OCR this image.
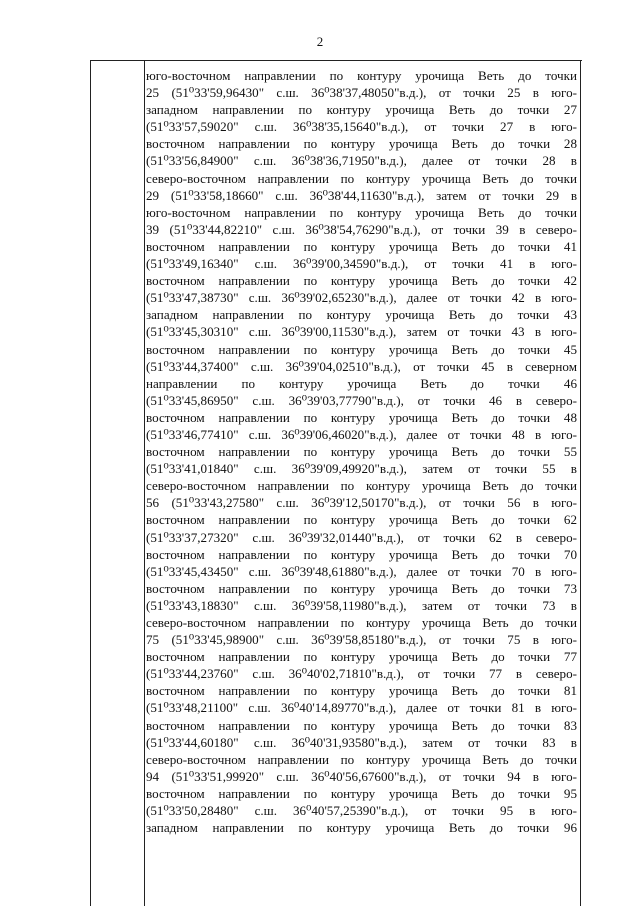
2
юго-восточном направлении по контуру урочища Веть до точки
25 (51⁰33'59,96430" с.ш. 36⁰38'37,48050"в.д.), от точки 25 в юго-
западном направлении по контуру урочища Веть до точки 27
(51⁰33'57,59020" с.ш. 36⁰38'35,15640"в.д.), от точки 27 в юго-
восточном направлении по контуру урочища Веть до точки 28
(51⁰33'56,84900" с.ш. 36⁰38'36,71950"в.д.), далее от точки 28 в
северо-восточном направлении по контуру урочища Веть до точки
29 (51⁰33'58,18660" с.ш. 36⁰38'44,11630"в.д.), затем от точки 29 в
юго-восточном направлении по контуру урочища Веть до точки
39 (51⁰33'44,82210" с.ш. 36⁰38'54,76290"в.д.), от точки 39 в северо-
восточном направлении по контуру урочища Веть до точки 41
(51⁰33'49,16340" с.ш. 36⁰39'00,34590"в.д.), от точки 41 в юго-
восточном направлении по контуру урочища Веть до точки 42
(51⁰33'47,38730" с.ш. 36⁰39'02,65230"в.д.), далее от точки 42 в юго-
западном направлении по контуру урочища Веть до точки 43
(51⁰33'45,30310" с.ш. 36⁰39'00,11530"в.д.), затем от точки 43 в юго-
восточном направлении по контуру урочища Веть до точки 45
(51⁰33'44,37400" с.ш. 36⁰39'04,02510"в.д.), от точки 45 в северном
направлении по контуру урочища Веть до точки 46
(51⁰33'45,86950" с.ш. 36⁰39'03,77790"в.д.), от точки 46 в северо-
восточном направлении по контуру урочища Веть до точки 48
(51⁰33'46,77410" с.ш. 36⁰39'06,46020"в.д.), далее от точки 48 в юго-
восточном направлении по контуру урочища Веть до точки 55
(51⁰33'41,01840" с.ш. 36⁰39'09,49920"в.д.), затем от точки 55 в
северо-восточном направлении по контуру урочища Веть до точки
56 (51⁰33'43,27580" с.ш. 36⁰39'12,50170"в.д.), от точки 56 в юго-
восточном направлении по контуру урочища Веть до точки 62
(51⁰33'37,27320" с.ш. 36⁰39'32,01440"в.д.), от точки 62 в северо-
восточном направлении по контуру урочища Веть до точки 70
(51⁰33'45,43450" с.ш. 36⁰39'48,61880"в.д.), далее от точки 70 в юго-
восточном направлении по контуру урочища Веть до точки 73
(51⁰33'43,18830" с.ш. 36⁰39'58,11980"в.д.), затем от точки 73 в
северо-восточном направлении по контуру урочища Веть до точки
75 (51⁰33'45,98900" с.ш. 36⁰39'58,85180"в.д.), от точки 75 в юго-
восточном направлении по контуру урочища Веть до точки 77
(51⁰33'44,23760" с.ш. 36⁰40'02,71810"в.д.), от точки 77 в северо-
восточном направлении по контуру урочища Веть до точки 81
(51⁰33'48,21100" с.ш. 36⁰40'14,89770"в.д.), далее от точки 81 в юго-
восточном направлении по контуру урочища Веть до точки 83
(51⁰33'44,60180" с.ш. 36⁰40'31,93580"в.д.), затем от точки 83 в
северо-восточном направлении по контуру урочища Веть до точки
94 (51⁰33'51,99920" с.ш. 36⁰40'56,67600"в.д.), от точки 94 в юго-
восточном направлении по контуру урочища Веть до точки 95
(51⁰33'50,28480" с.ш. 36⁰40'57,25390"в.д.), от точки 95 в юго-
западном направлении по контуру урочища Веть до точки 96
